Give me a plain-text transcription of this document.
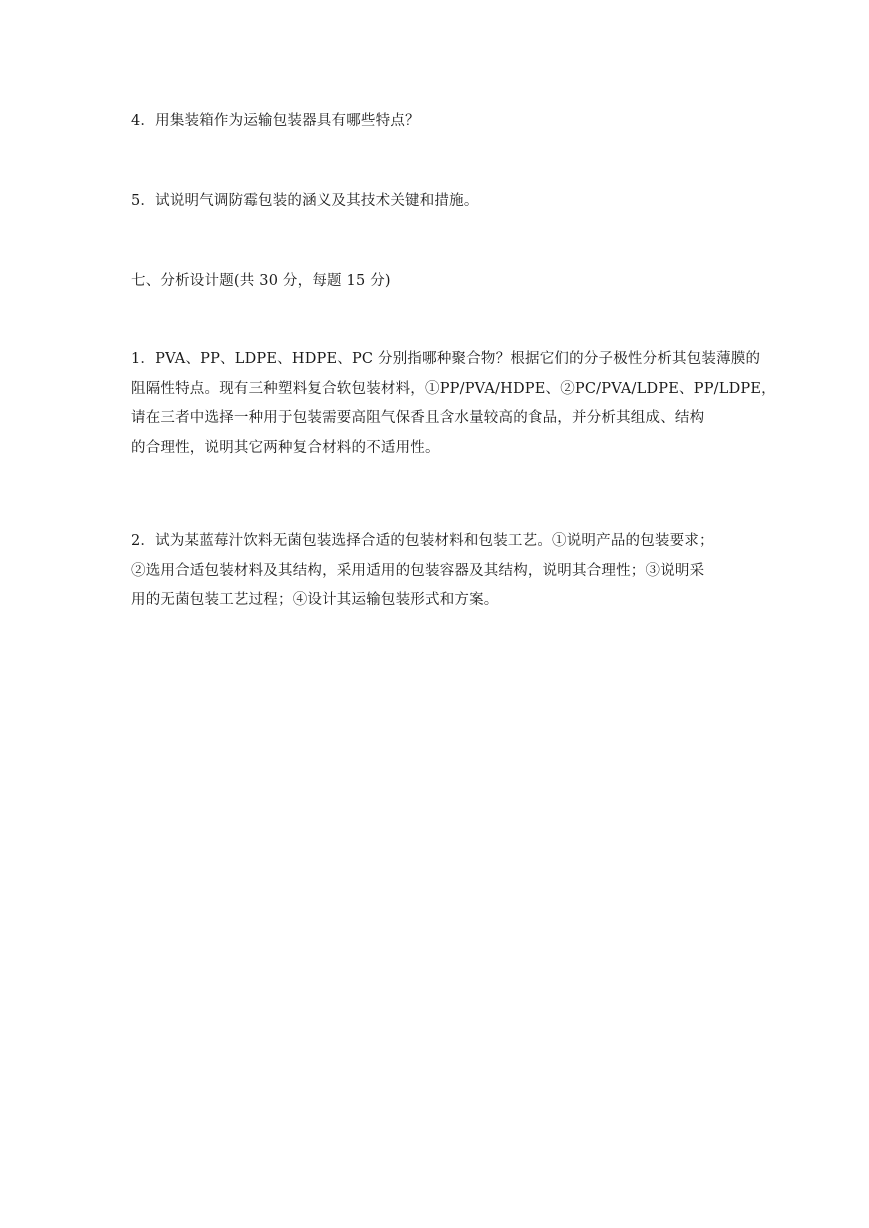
4．用集装箱作为运输包装器具有哪些特点？

5．试说明气调防霉包装的涵义及其技术关键和措施。

七、分析设计题(共 30 分，每题 15 分)

1．PVA、PP、LDPE、HDPE、PC 分别指哪种聚合物？根据它们的分子极性分析其包装薄膜的
阻隔性特点。现有三种塑料复合软包装材料，①PP/PVA/HDPE、②PC/PVA/LDPE、PP/LDPE，
请在三者中选择一种用于包装需要高阻气保香且含水量较高的食品，并分析其组成、结构
的合理性，说明其它两种复合材料的不适用性。

2．试为某蓝莓汁饮料无菌包装选择合适的包装材料和包装工艺。①说明产品的包装要求；
②选用合适包装材料及其结构，采用适用的包装容器及其结构，说明其合理性；③说明采
用的无菌包装工艺过程；④设计其运输包装形式和方案。
